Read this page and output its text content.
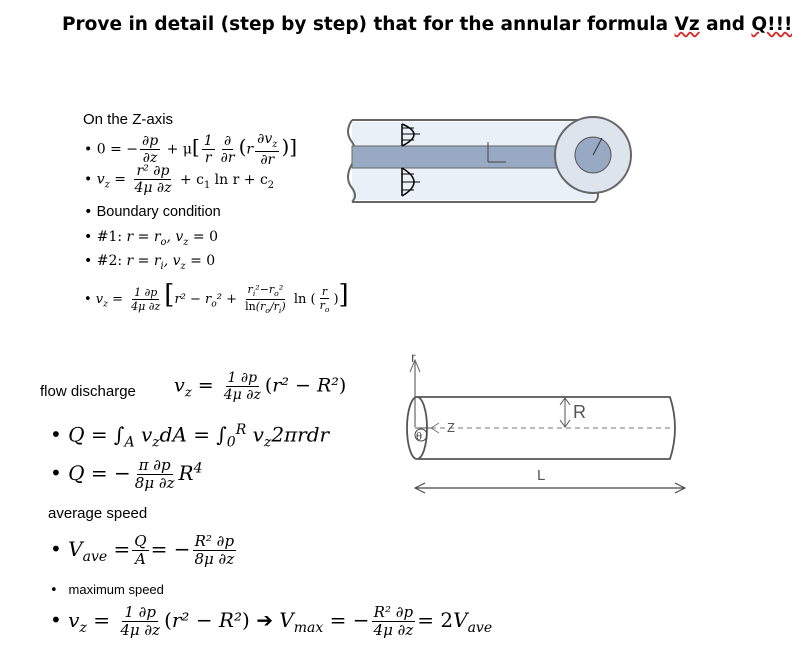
Prove in detail (step by step) that for the annular formula Vz and Q!!!
On the Z-axis
• 0 = − $\frac{\partial p}{\partial z} + \mu[ \frac{1}{r} \frac{\partial}{\partial r} (r \frac{\partial v_z}{\partial r}$ )]
• $v_z = \frac{\text{r² ∂p}}{4\mu \partial z} + c_1$ $\ln r + c_2$
• Boundary condition
• #1: $r = r_o$, $v_z = 0$
• #2: $r = r_i$, $v_z = 0$
• $v_z = \frac{1 \partial p}{4\mu \partial z} [r^2 - r_o^2 + \frac{r_i^2-r_o^2}{\ln(r_o/r_i)}$ ln ( $\frac{r}{r_o}$ )]
flow discharge $v_z = \frac{1 \partial p}{4\mu \partial z} (r^2 - R^2)$
• $Q = \int_A$ $v_zdA = \int_0^R$ $v_z2\pi rdr$
• Q = − $\frac{\pi \partial p}{8\mu \partial z} R^4$
average speed
• $V_{ave} = \frac{Q}{A}$ = − $\frac{\text{R² ∂p}}{8\mu \partial z}$
• maximum speed
• $v_z = \frac{1 \partial p}{4\mu \partial z} (r^2 - R^2)$ ➔ $V_{max}$ = − $\frac{\text{R² ∂p}}{4\mu \partial z} = 2V_{ave}$
r
Z
R
L
θ
